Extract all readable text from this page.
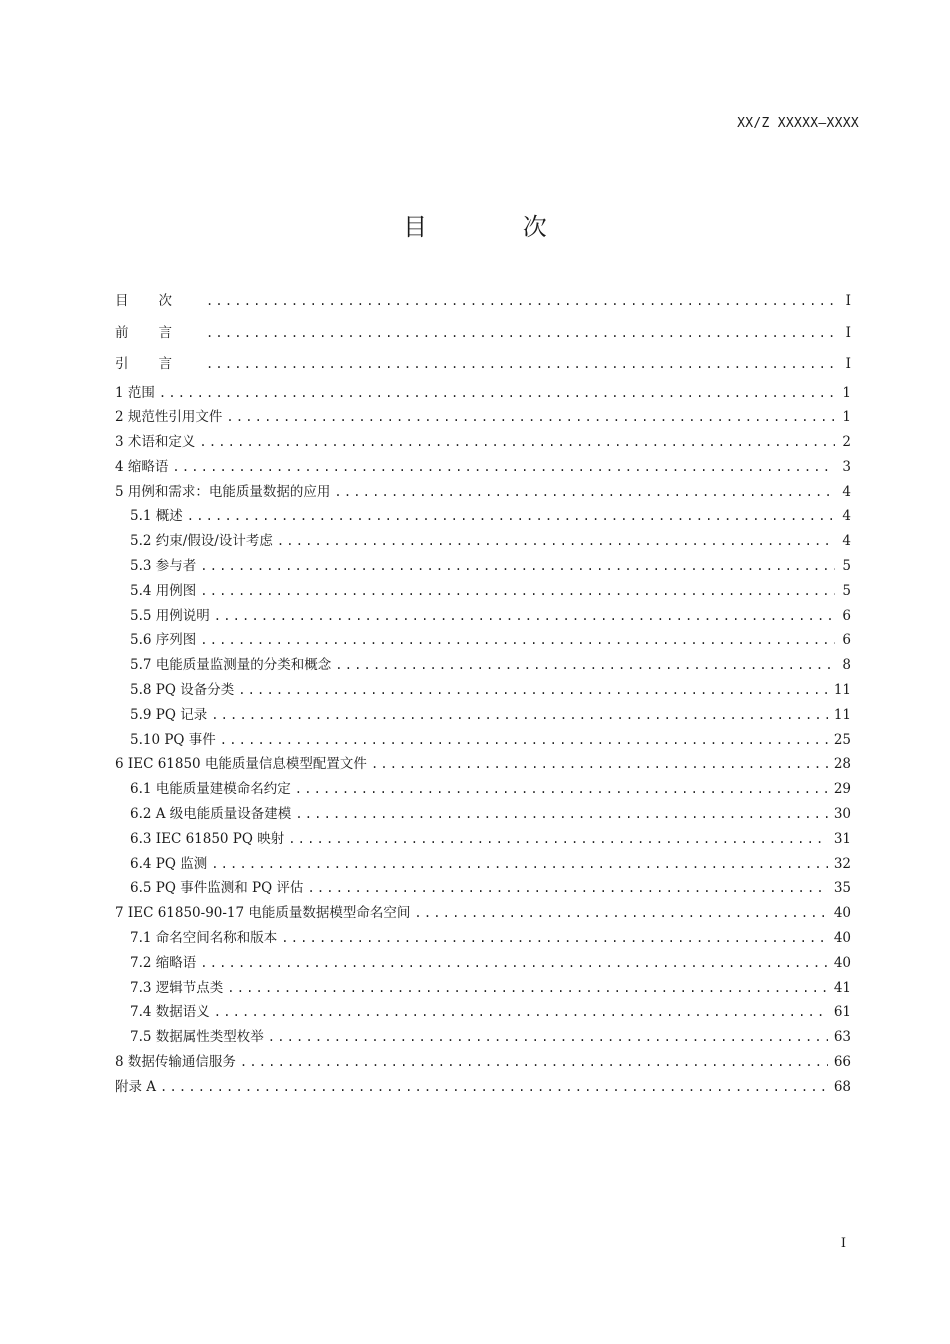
XX/Z XXXXX—XXXX
目 次
目次 .....	I
前言 .....	I
引言 .....	I
1 范围 .....	1
2 规范性引用文件 .....	1
3 术语和定义 .....	2
4 缩略语 .....	3
5 用例和需求：电能质量数据的应用 .....	4
5.1 概述 .....	4
5.2 约束/假设/设计考虑 .....	4
5.3 参与者 .....	5
5.4 用例图 .....	5
5.5 用例说明 .....	6
5.6 序列图 .....	6
5.7 电能质量监测量的分类和概念 .....	8
5.8 PQ 设备分类 .....	11
5.9 PQ 记录 .....	11
5.10 PQ 事件 .....	25
6 IEC 61850 电能质量信息模型配置文件 .....	28
6.1 电能质量建模命名约定 .....	29
6.2 A 级电能质量设备建模 .....	30
6.3 IEC 61850 PQ 映射 .....	31
6.4 PQ 监测 .....	32
6.5 PQ 事件监测和 PQ 评估 .....	35
7 IEC 61850-90-17 电能质量数据模型命名空间 .....	40
7.1 命名空间名称和版本 .....	40
7.2 缩略语 .....	40
7.3 逻辑节点类 .....	41
7.4 数据语义 .....	61
7.5 数据属性类型枚举 .....	63
8 数据传输通信服务 .....	66
附录 A .....	68
I
